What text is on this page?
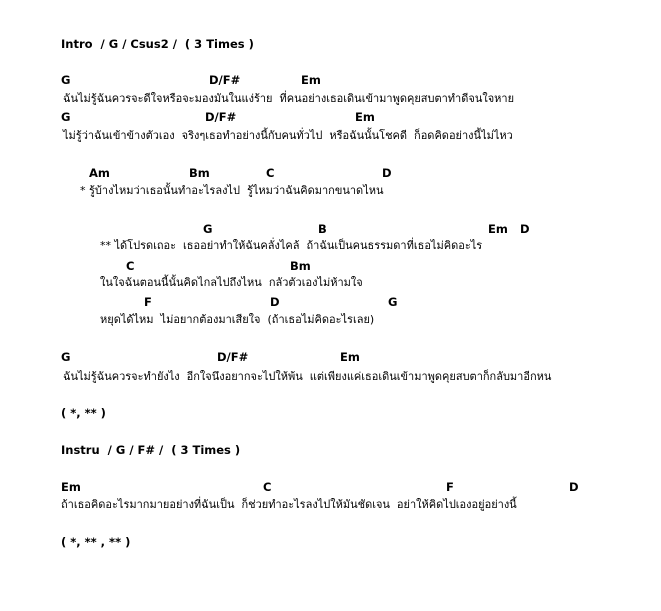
Intro  / G / Csus2 /  ( 3 Times )
G	D/F#	Em
ฉันไม่รู้ฉันควรจะดีใจหรือจะมองมันในแง่ร้าย  ที่คนอย่างเธอเดินเข้ามาพูดคุยสบตาทำดีจนใจหาย
G	D/F#	Em
ไม่รู้ว่าฉันเข้าข้างตัวเอง  จริงๆเธอทำอย่างนี้กับคนทั่วไป  หรือฉันนั้นโชคดี  ก็อดคิดอย่างนี้ไม่ไหว
Am	Bm	C	D
* รู้บ้างไหมว่าเธอนั้นทำอะไรลงไป  รู้ไหมว่าฉันคิดมากขนาดไหน
G	B	Em D
** ได้โปรดเถอะ  เธออย่าทำให้ฉันคลั่งไคล้  ถ้าฉันเป็นคนธรรมดาที่เธอไม่คิดอะไร
C	Bm
ในใจฉันตอนนี้นั้นคิดไกลไปถึงไหน  กลัวตัวเองไม่ห้ามใจ
F	D	G
หยุดได้ไหม  ไม่อยากต้องมาเสียใจ  (ถ้าเธอไม่คิดอะไรเลย)
G	D/F#	Em
ฉันไม่รู้ฉันควรจะทำยังไง  อีกใจนึงอยากจะไปให้พ้น  แต่เพียงแค่เธอเดินเข้ามาพูดคุยสบตาก็กลับมาอีกหน
( *, ** )
Instru  / G / F# /  ( 3 Times )
Em	C	F	D
ถ้าเธอคิดอะไรมากมายอย่างที่ฉันเป็น  ก็ช่วยทำอะไรลงไปให้มันชัดเจน  อย่าให้คิดไปเองอยู่อย่างนี้
( *, ** , ** )
